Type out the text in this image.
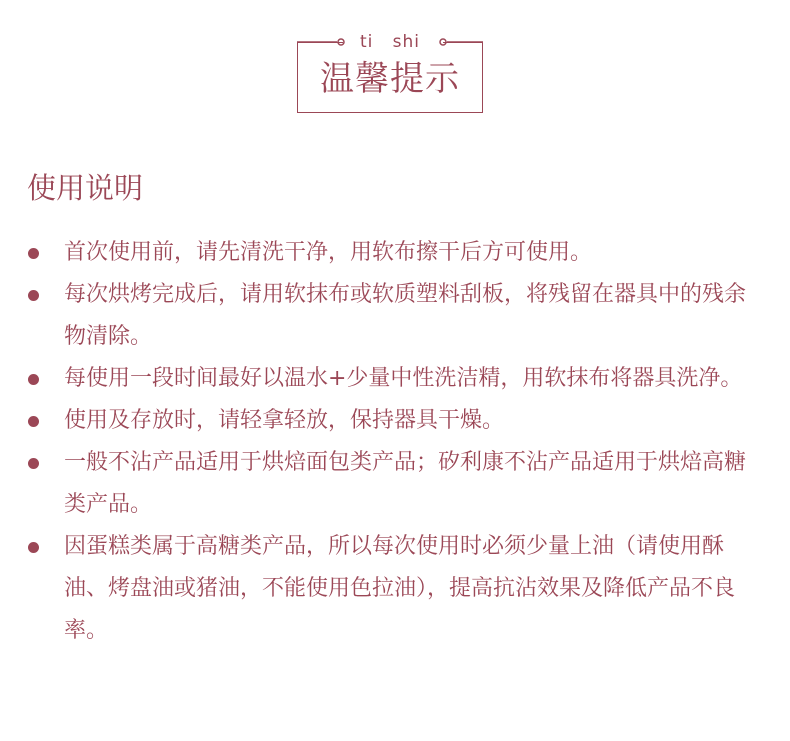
ti   shi
温馨提示
使用说明
首次使用前，请先清洗干净，用软布擦干后方可使用。
每次烘烤完成后，请用软抹布或软质塑料刮板，将残留在器具中的残余物清除。
每使用一段时间最好以温水+少量中性洗洁精，用软抹布将器具洗净。
使用及存放时，请轻拿轻放，保持器具干燥。
一般不沾产品适用于烘焙面包类产品；矽利康不沾产品适用于烘焙高糖类产品。
因蛋糕类属于高糖类产品，所以每次使用时必须少量上油（请使用酥油、烤盘油或猪油，不能使用色拉油），提高抗沾效果及降低产品不良率。
